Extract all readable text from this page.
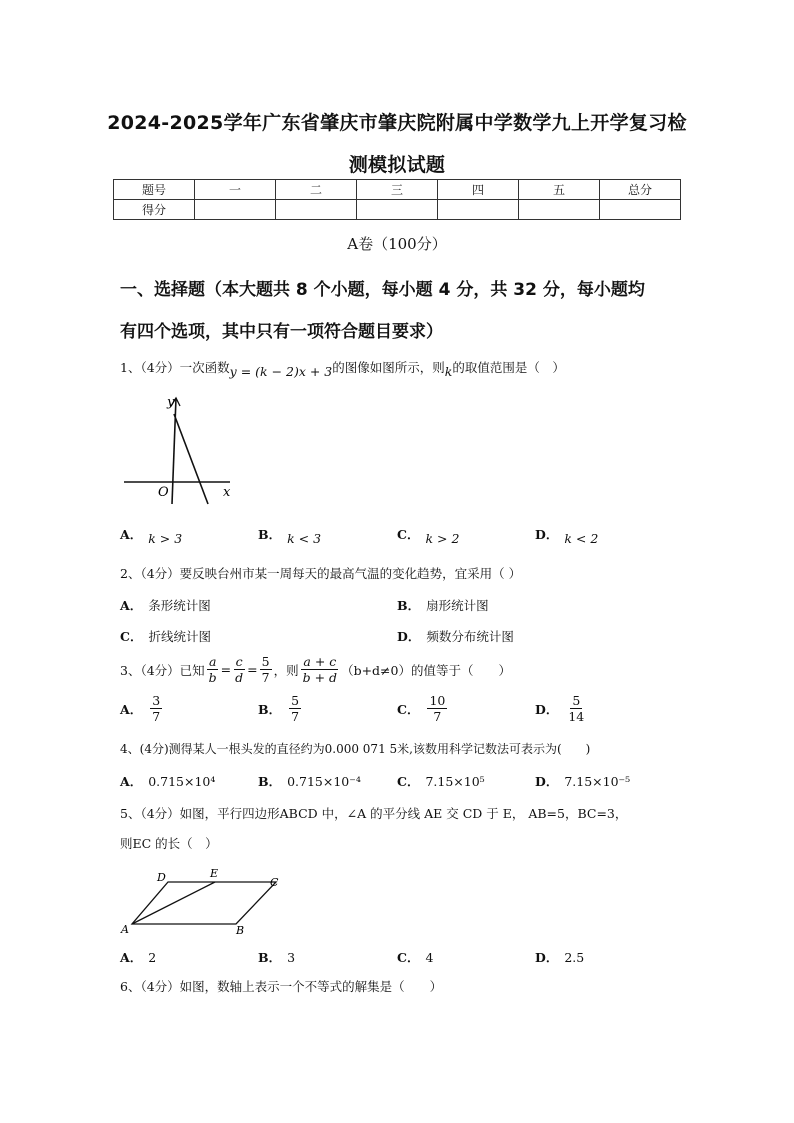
2024-2025学年广东省肇庆市肇庆院附属中学数学九上开学复习检
测模拟试题
题号	一	二	三	四	五	总分
得分						
A卷（100分）
一、选择题（本大题共 8 个小题，每小题 4 分，共 32 分，每小题均
有四个选项，其中只有一项符合题目要求）
1、（4分）一次函数y = (k − 2)x + 3的图像如图所示，则k的取值范围是（　）
y
x
O
A． k > 3	B． k < 3	C． k > 2	D． k < 2
2、（4分）要反映台州市某一周每天的最高气温的变化趋势，宜采用（ ）
A． 条形统计图	B． 扇形统计图
C． 折线统计图	D． 频数分布统计图
3、（4分）已知 $\frac{a}{b} = \frac{c}{d} = \frac{5}{7}$ ，则 $\frac{a + c}{b + d} (b+d\ne 0)$的值等于（　　）
A． $\frac{3}{7}$	B． $\frac{5}{7}$	C． $\frac{10}{7}$	D． $\frac{5}{14}$
4、(4分)测得某人一根头发的直径约为0.000 071 5米,该数用科学记数法可表示为(　　)
A． 0.715×10⁴	B． 0.715×10⁻⁴	C． 7.15×10⁵	D． 7.15×10⁻⁵
5、（4分）如图，平行四边形ABCD 中，∠A 的平分线 AE 交 CD 于 E， AB=5，BC=3，
则EC 的长（　）
A	B
C
D	E
A． 2	B． 3	C． 4	D． 2.5
6、（4分）如图，数轴上表示一个不等式的解集是（　　）
